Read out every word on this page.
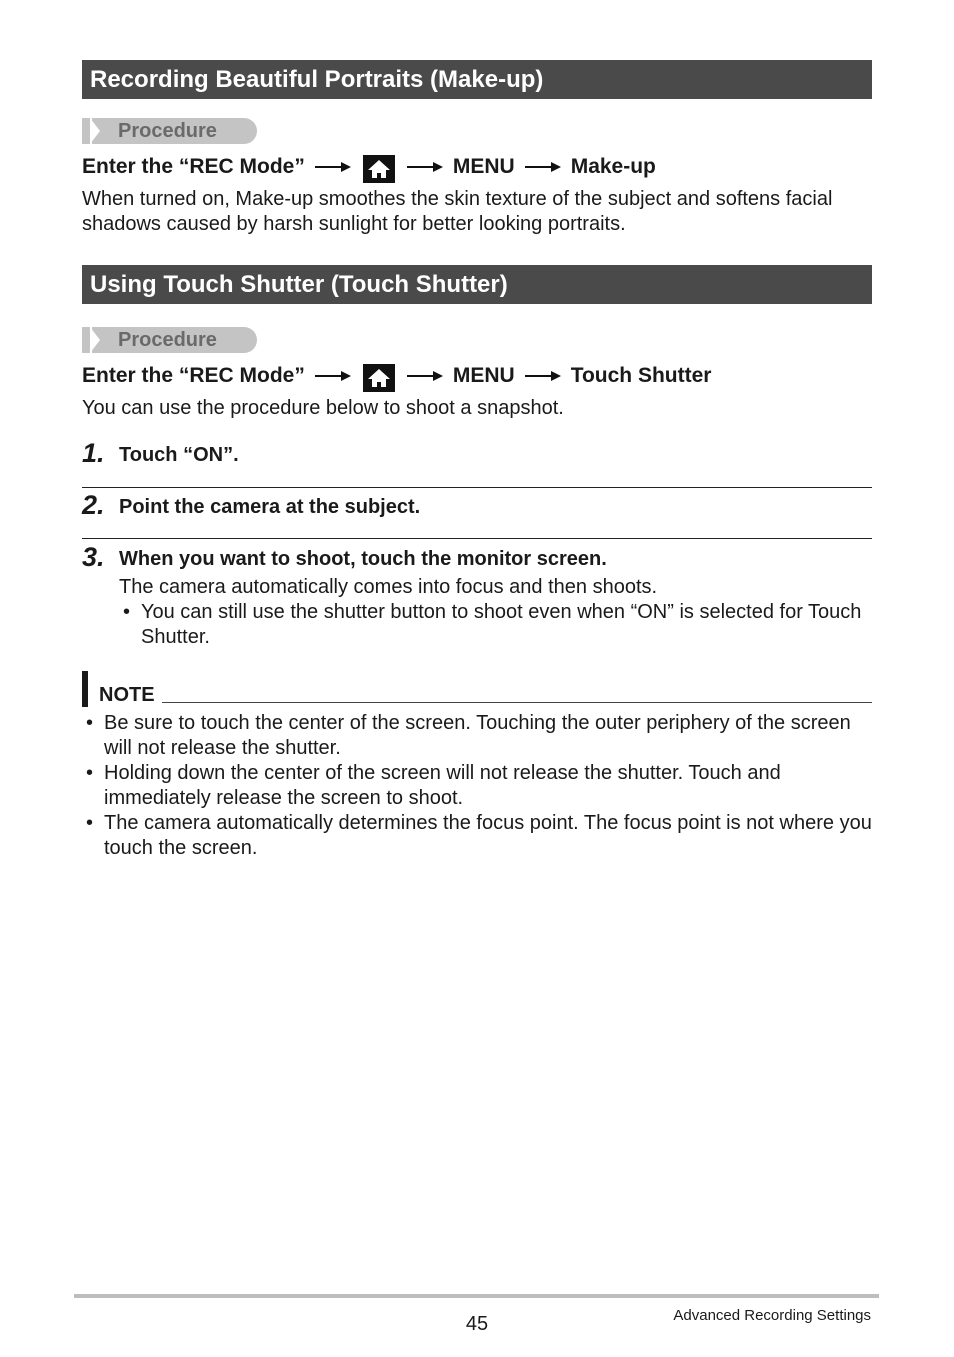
Recording Beautiful Portraits (Make-up)
Procedure
Enter the “REC Mode”	MENU	Make-up
When turned on, Make-up smoothes the skin texture of the subject and softens facial shadows caused by harsh sunlight for better looking portraits.
Using Touch Shutter (Touch Shutter)
Procedure
Enter the “REC Mode”	MENU	Touch Shutter
You can use the procedure below to shoot a snapshot.
1. Touch “ON”.
2. Point the camera at the subject.
3. When you want to shoot, touch the monitor screen.
The camera automatically comes into focus and then shoots.
• You can still use the shutter button to shoot even when “ON” is selected for Touch Shutter.
NOTE
• Be sure to touch the center of the screen. Touching the outer periphery of the screen will not release the shutter.
• Holding down the center of the screen will not release the shutter. Touch and immediately release the screen to shoot.
• The camera automatically determines the focus point. The focus point is not where you touch the screen.
45	Advanced Recording Settings
